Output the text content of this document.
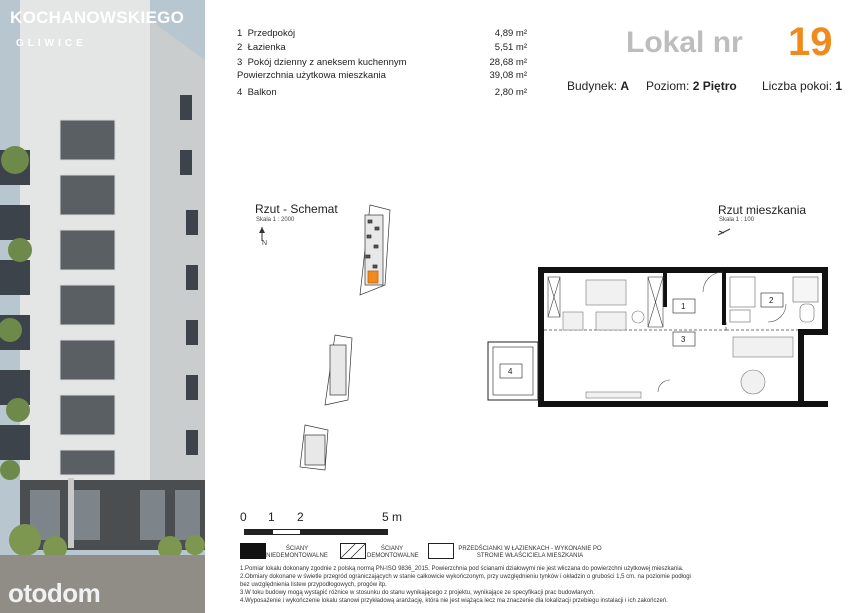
KOCHANOWSKIEGO
GLIWICE
otodom
1 Przedpokój	4,89 m²
2 Łazienka	5,51 m²
3 Pokój dzienny z aneksem kuchennym	28,68 m²
Powierzchnia użytkowa mieszkania	39,08 m²
4 Balkon	2,80 m²
Lokal nr 19
Budynek: A Poziom: 2 Piętro Liczba pokoi: 1
Rzut - Schemat
Skala 1 : 2000
N
Rzut mieszkania
Skala 1 : 100
1
2
3
4
0 1 2	5 m
ŚCIANY NIEDEMONTOWALNE
ŚCIANY DEMONTOWALNE
PRZEDŚCIANKI W ŁAZIENKACH - WYKONANIE PO STRONIE WŁAŚCICIELA MIESZKANIA
1.Pomiar lokalu dokonany zgodnie z polską normą PN-ISO 9836_2015. Powierzchnia pod ścianami działowymi nie jest wliczana do powierzchni użytkowej mieszkania.
2.Obmiary dokonane w świetle przegród ograniczających w stanie całkowicie wykończonym, przy uwzględnieniu tynków i okładzin o grubości 1,5 cm, na poziomie podłogi
bez uwzględnienia listew przypodłogowych, progów itp.
3.W toku budowy mogą wystąpić różnice w stosunku do stanu wynikającego z projektu, wynikające ze specyfikacji prac budowlanych.
4.Wyposażenie i wykończenie lokalu stanowi przykładową aranżację, która nie jest wiążąca lecz ma znaczenie dla lokalizacji przebiegu instalacji i ich zakończeń.
